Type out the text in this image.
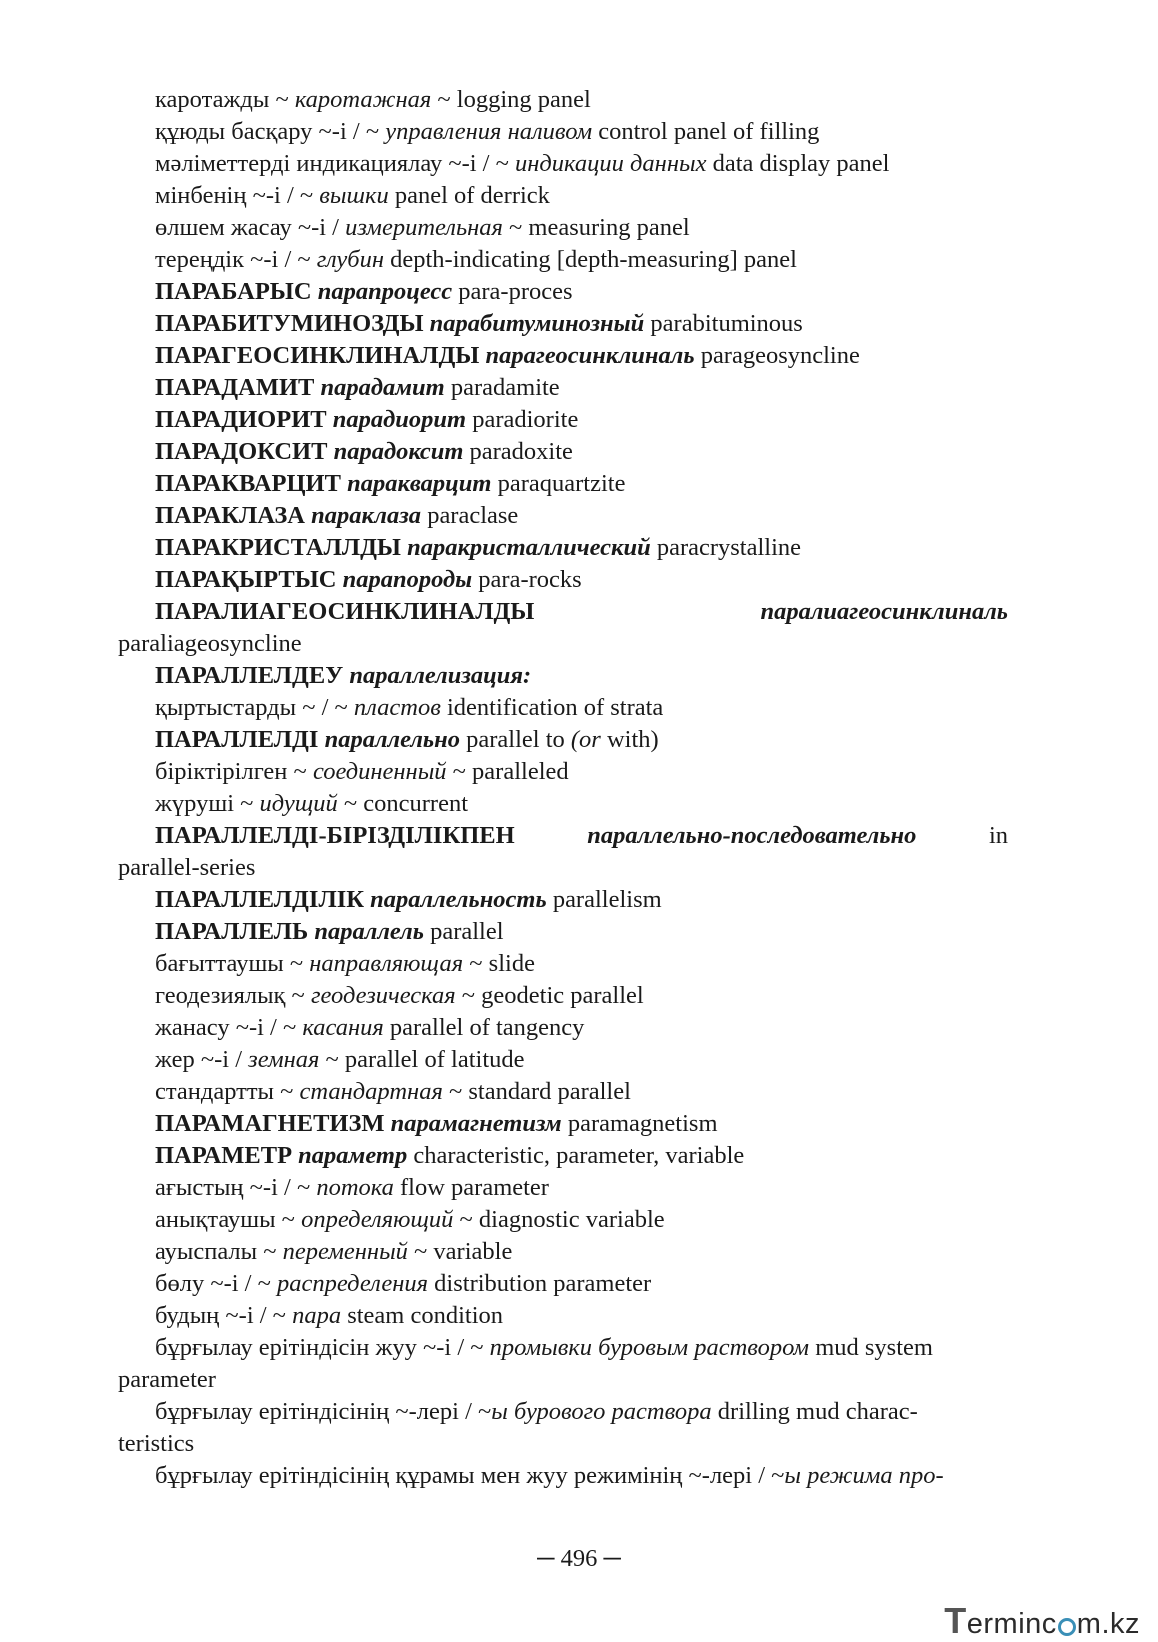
каротажды ~ каротажная ~ logging panel
құюды басқару ~-і / ~ управления наливом control panel of filling
мәліметтерді индикациялау ~-і / ~ индикации данных data display panel
мінбенің ~-і / ~ вышки panel of derrick
өлшем жасау ~-і / измерительная ~ measuring panel
тереңдік ~-і / ~ глубин depth-indicating [depth-measuring] panel
ПАРАБАРЫС парапроцесс para-proces
ПАРАБИТУМИНОЗДЫ парабитуминозный parabituminous
ПАРАГЕОСИНКЛИНАЛДЫ парагеосинклиналь parageosyncline
ПАРАДАМИТ парадамит paradamite
ПАРАДИОРИТ парадиорит paradiorite
ПАРАДОКСИТ парадоксит paradoxite
ПАРАКВАРЦИТ паракварцит paraquartzite
ПАРАКЛАЗА параклаза paraclase
ПАРАКРИСТАЛЛДЫ паракристаллический paracrystalline
ПАРАҚЫРТЫС парапороды para-rocks
ПАРАЛИАГЕОСИНКЛИНАЛДЫ	паралиагеосинклиналь
paraliageosyncline
ПАРАЛЛЕЛДЕУ параллелизация:
қыртыстарды ~ / ~ пластов identification of strata
ПАРАЛЛЕЛДІ параллельно parallel to (or with)
біріктірілген ~ соединенный ~ paralleled
жүруші ~ идущий ~ concurrent
ПАРАЛЛЕЛДІ-БІРІЗДІЛІКПЕН	параллельно-последовательно	in
parallel-series
ПАРАЛЛЕЛДІЛІК параллельность parallelism
ПАРАЛЛЕЛЬ параллель parallel
бағыттаушы ~ направляющая ~ slide
геодезиялық ~ геодезическая ~ geodetic parallel
жанасу ~-і / ~ касания parallel of tangency
жер ~-і / земная ~ parallel of latitude
стандартты ~ стандартная ~ standard parallel
ПАРАМАГНЕТИЗМ парамагнетизм paramagnetism
ПАРАМЕТР параметр characteristic, parameter, variable
ағыстың ~-і / ~ потока flow parameter
анықтаушы ~ определяющий ~ diagnostic variable
ауыспалы ~ переменный ~ variable
бөлу ~-і / ~ распределения distribution parameter
будың ~-і / ~ пара steam condition
бұрғылау ерітіндісін жуу ~-і / ~ промывки буровым раствором mud system
parameter
бұрғылау ерітіндісінің ~-лері / ~ы бурового раствора drilling mud charac-
teristics
бұрғылау ерітіндісінің құрамы мен жуу режимінің ~-лері / ~ы режима про-
─ 496 ─
Terminc m.kz
